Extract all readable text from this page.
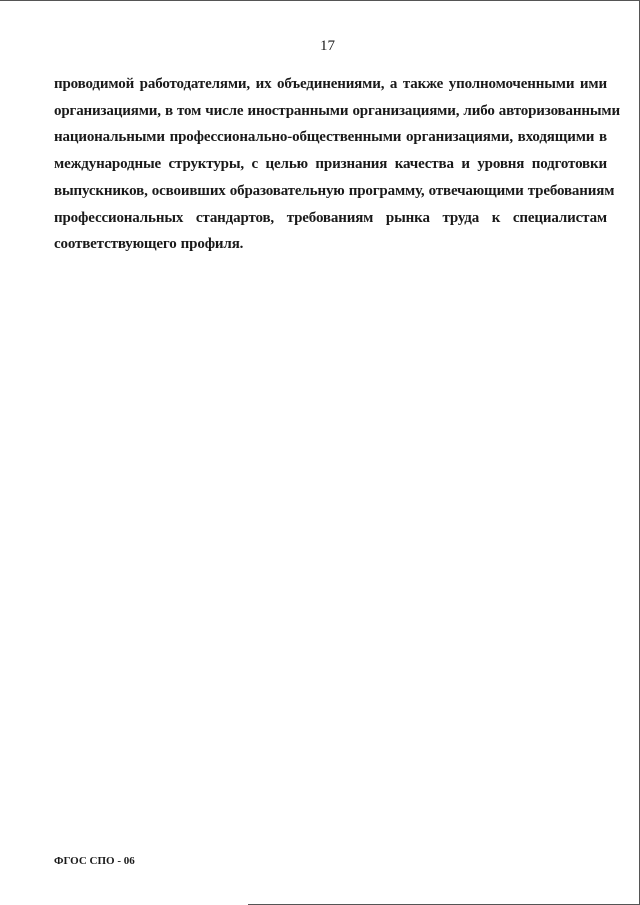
17

проводимой работодателями, их объединениями, а также уполномоченными ими
организациями, в том числе иностранными организациями, либо авторизованными
национальными профессионально-общественными организациями, входящими в
международные структуры, с целью признания качества и уровня подготовки
выпускников, освоивших образовательную программу, отвечающими требованиям
профессиональных стандартов, требованиям рынка труда к специалистам
соответствующего профиля.

ФГОС СПО - 06
